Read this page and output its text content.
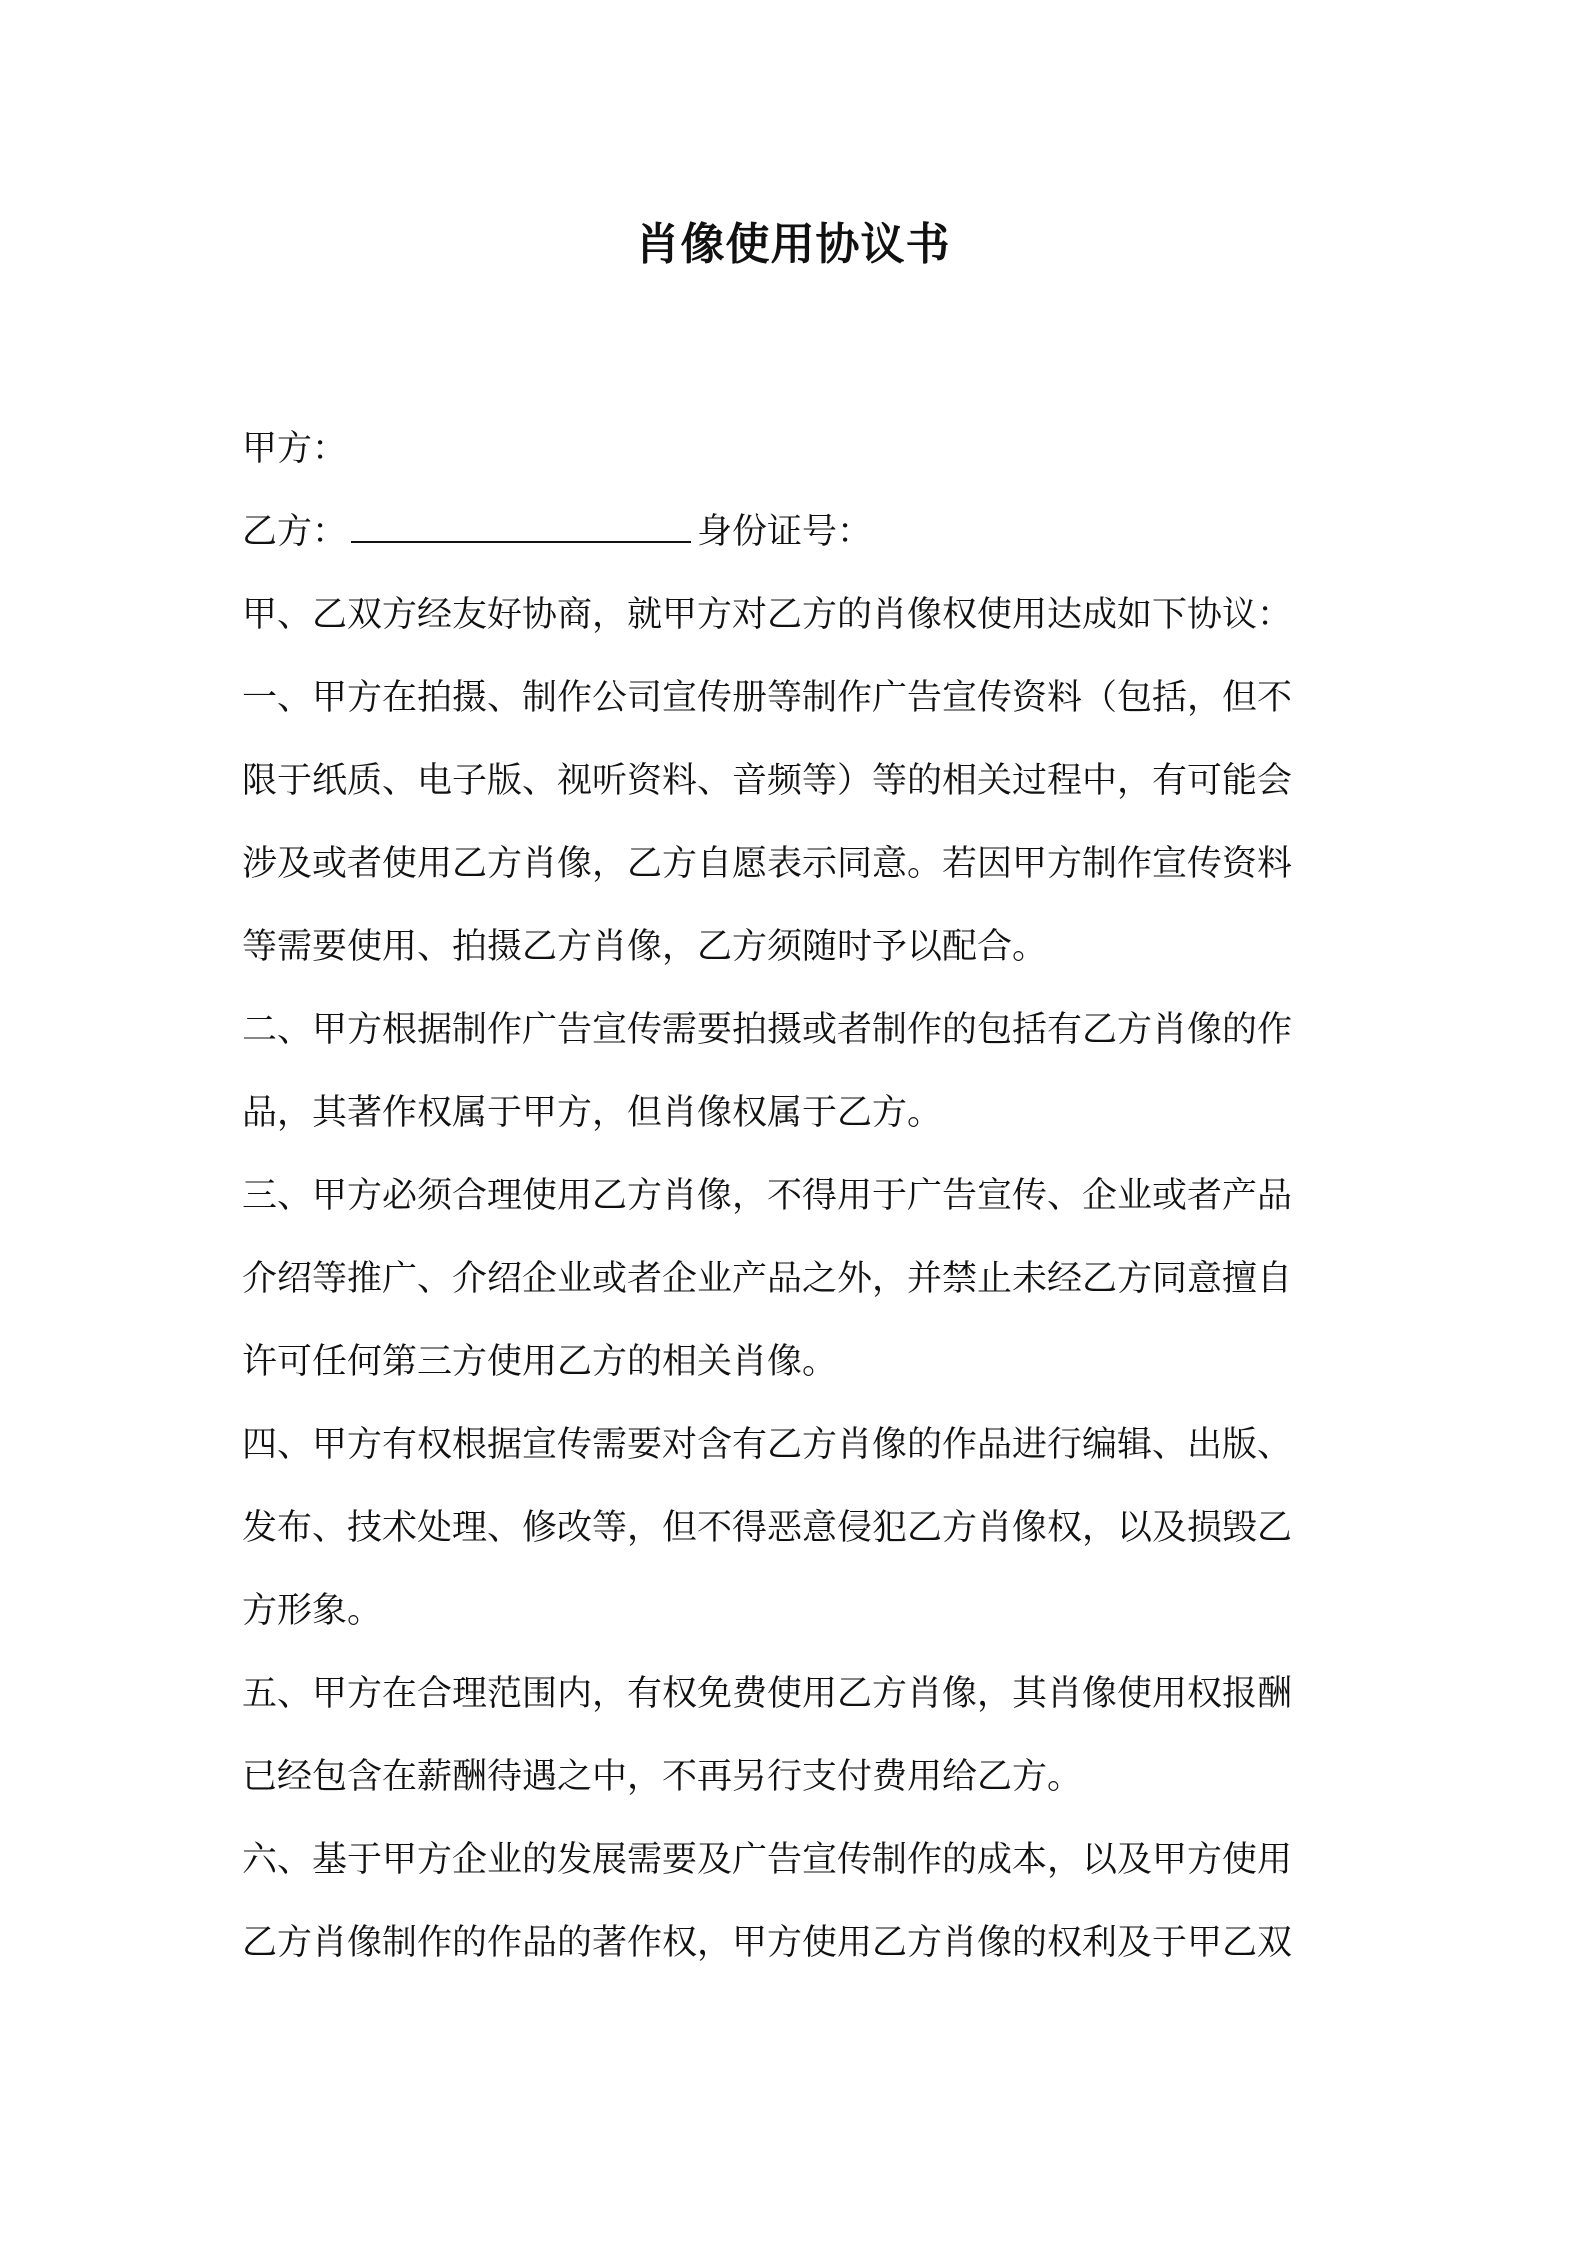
肖像使用协议书
甲方：
乙方：	身份证号：
甲、乙双方经友好协商，就甲方对乙方的肖像权使用达成如下协议：
一、甲方在拍摄、制作公司宣传册等制作广告宣传资料（包括，但不
限于纸质、电子版、视听资料、音频等）等的相关过程中，有可能会
涉及或者使用乙方肖像，乙方自愿表示同意。若因甲方制作宣传资料
等需要使用、拍摄乙方肖像，乙方须随时予以配合。
二、甲方根据制作广告宣传需要拍摄或者制作的包括有乙方肖像的作
品，其著作权属于甲方，但肖像权属于乙方。
三、甲方必须合理使用乙方肖像，不得用于广告宣传、企业或者产品
介绍等推广、介绍企业或者企业产品之外，并禁止未经乙方同意擅自
许可任何第三方使用乙方的相关肖像。
四、甲方有权根据宣传需要对含有乙方肖像的作品进行编辑、出版、
发布、技术处理、修改等，但不得恶意侵犯乙方肖像权，以及损毁乙
方形象。
五、甲方在合理范围内，有权免费使用乙方肖像，其肖像使用权报酬
已经包含在薪酬待遇之中，不再另行支付费用给乙方。
六、基于甲方企业的发展需要及广告宣传制作的成本，以及甲方使用
乙方肖像制作的作品的著作权，甲方使用乙方肖像的权利及于甲乙双
